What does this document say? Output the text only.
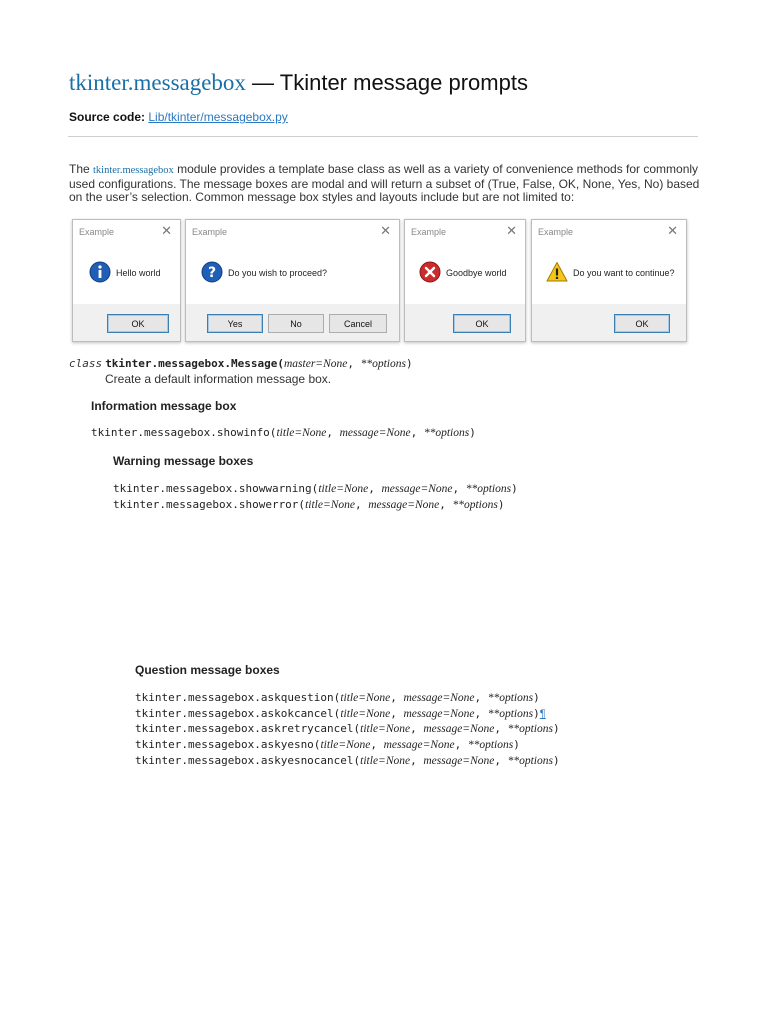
tkinter.messagebox — Tkinter message prompts
Source code: Lib/tkinter/messagebox.py
The tkinter.messagebox module provides a template base class as well as a variety of convenience methods for commonly used configurations. The message boxes are modal and will return a subset of (True, False, OK, None, Yes, No) based on the user’s selection. Common message box styles and layouts include but are not limited to:
Example	✕
Hello world
OK
Example	✕
? Do you wish to proceed?
Yes	No	Cancel
Example	✕
Goodbye world
OK
Example	✕
Do you want to continue?
OK
class tkinter.messagebox.Message(master=None, **options)
Create a default information message box.
Information message box
tkinter.messagebox.showinfo(title=None, message=None, **options)
Warning message boxes
tkinter.messagebox.showwarning(title=None, message=None, **options)
tkinter.messagebox.showerror(title=None, message=None, **options)
Question message boxes
tkinter.messagebox.askquestion(title=None, message=None, **options)
tkinter.messagebox.askokcancel(title=None, message=None, **options)¶
tkinter.messagebox.askretrycancel(title=None, message=None, **options)
tkinter.messagebox.askyesno(title=None, message=None, **options)
tkinter.messagebox.askyesnocancel(title=None, message=None, **options)
